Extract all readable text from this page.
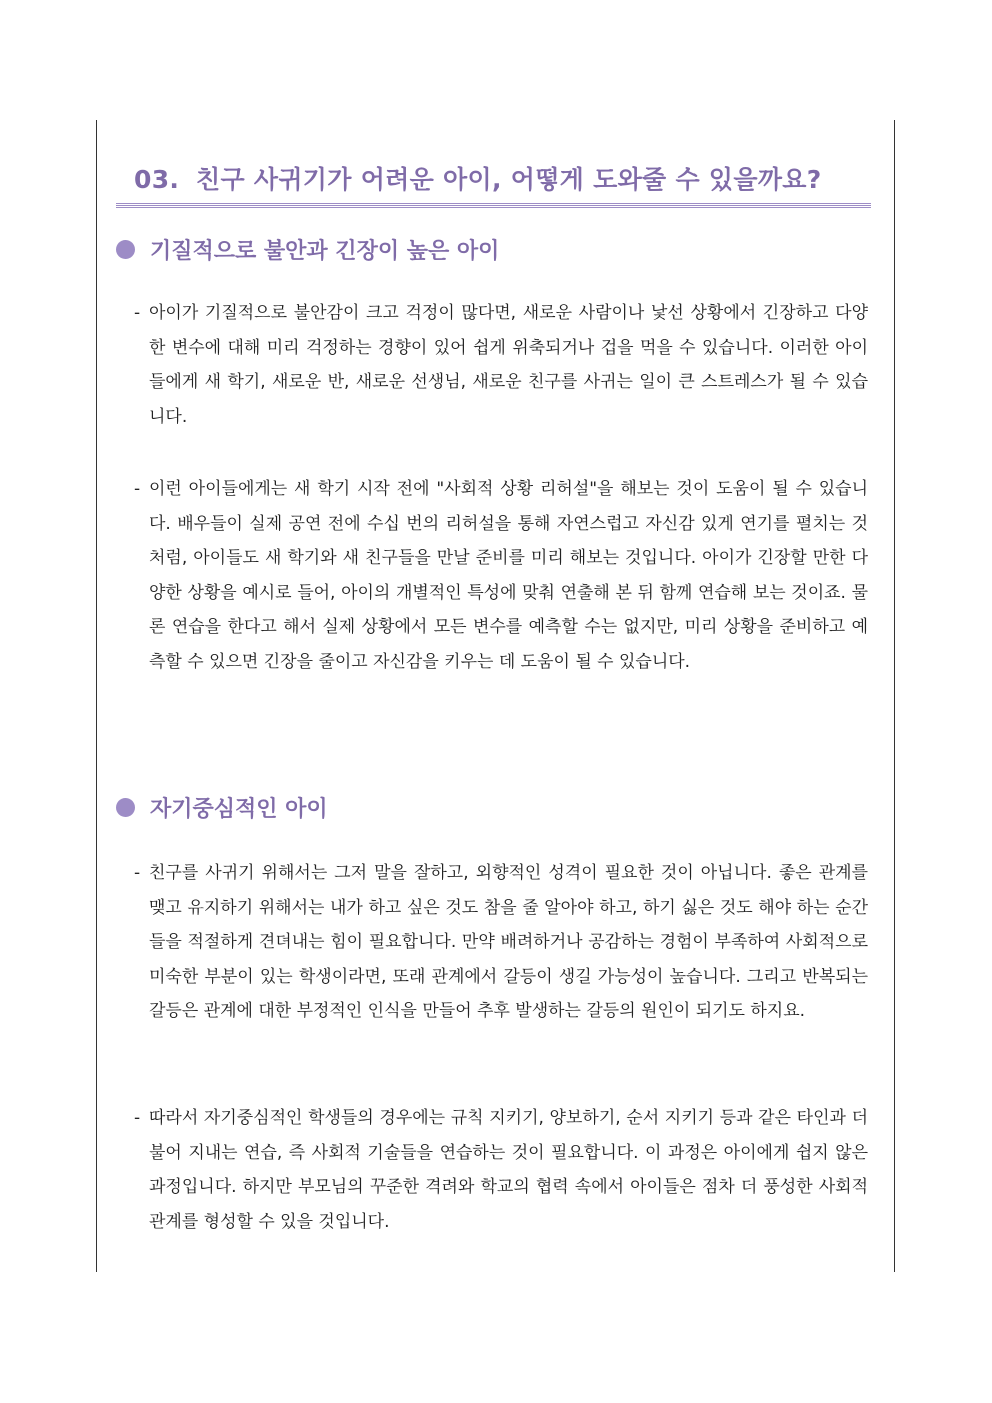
03. 친구 사귀기가 어려운 아이, 어떻게 도와줄 수 있을까요?
기질적으로 불안과 긴장이 높은 아이
- 아이가 기질적으로 불안감이 크고 걱정이 많다면, 새로운 사람이나 낯선 상황에서 긴장하고 다양한 변수에 대해 미리 걱정하는 경향이 있어 쉽게 위축되거나 겁을 먹을 수 있습니다. 이러한 아이들에게 새 학기, 새로운 반, 새로운 선생님, 새로운 친구를 사귀는 일이 큰 스트레스가 될 수 있습니다.
- 이런 아이들에게는 새 학기 시작 전에 "사회적 상황 리허설"을 해보는 것이 도움이 될 수 있습니다. 배우들이 실제 공연 전에 수십 번의 리허설을 통해 자연스럽고 자신감 있게 연기를 펼치는 것처럼, 아이들도 새 학기와 새 친구들을 만날 준비를 미리 해보는 것입니다. 아이가 긴장할 만한 다양한 상황을 예시로 들어, 아이의 개별적인 특성에 맞춰 연출해 본 뒤 함께 연습해 보는 것이죠. 물론 연습을 한다고 해서 실제 상황에서 모든 변수를 예측할 수는 없지만, 미리 상황을 준비하고 예측할 수 있으면 긴장을 줄이고 자신감을 키우는 데 도움이 될 수 있습니다.
자기중심적인 아이
- 친구를 사귀기 위해서는 그저 말을 잘하고, 외향적인 성격이 필요한 것이 아닙니다. 좋은 관계를 맺고 유지하기 위해서는 내가 하고 싶은 것도 참을 줄 알아야 하고, 하기 싫은 것도 해야 하는 순간들을 적절하게 견뎌내는 힘이 필요합니다. 만약 배려하거나 공감하는 경험이 부족하여 사회적으로 미숙한 부분이 있는 학생이라면, 또래 관계에서 갈등이 생길 가능성이 높습니다. 그리고 반복되는 갈등은 관계에 대한 부정적인 인식을 만들어 추후 발생하는 갈등의 원인이 되기도 하지요.
- 따라서 자기중심적인 학생들의 경우에는 규칙 지키기, 양보하기, 순서 지키기 등과 같은 타인과 더불어 지내는 연습, 즉 사회적 기술들을 연습하는 것이 필요합니다. 이 과정은 아이에게 쉽지 않은 과정입니다. 하지만 부모님의 꾸준한 격려와 학교의 협력 속에서 아이들은 점차 더 풍성한 사회적 관계를 형성할 수 있을 것입니다.
